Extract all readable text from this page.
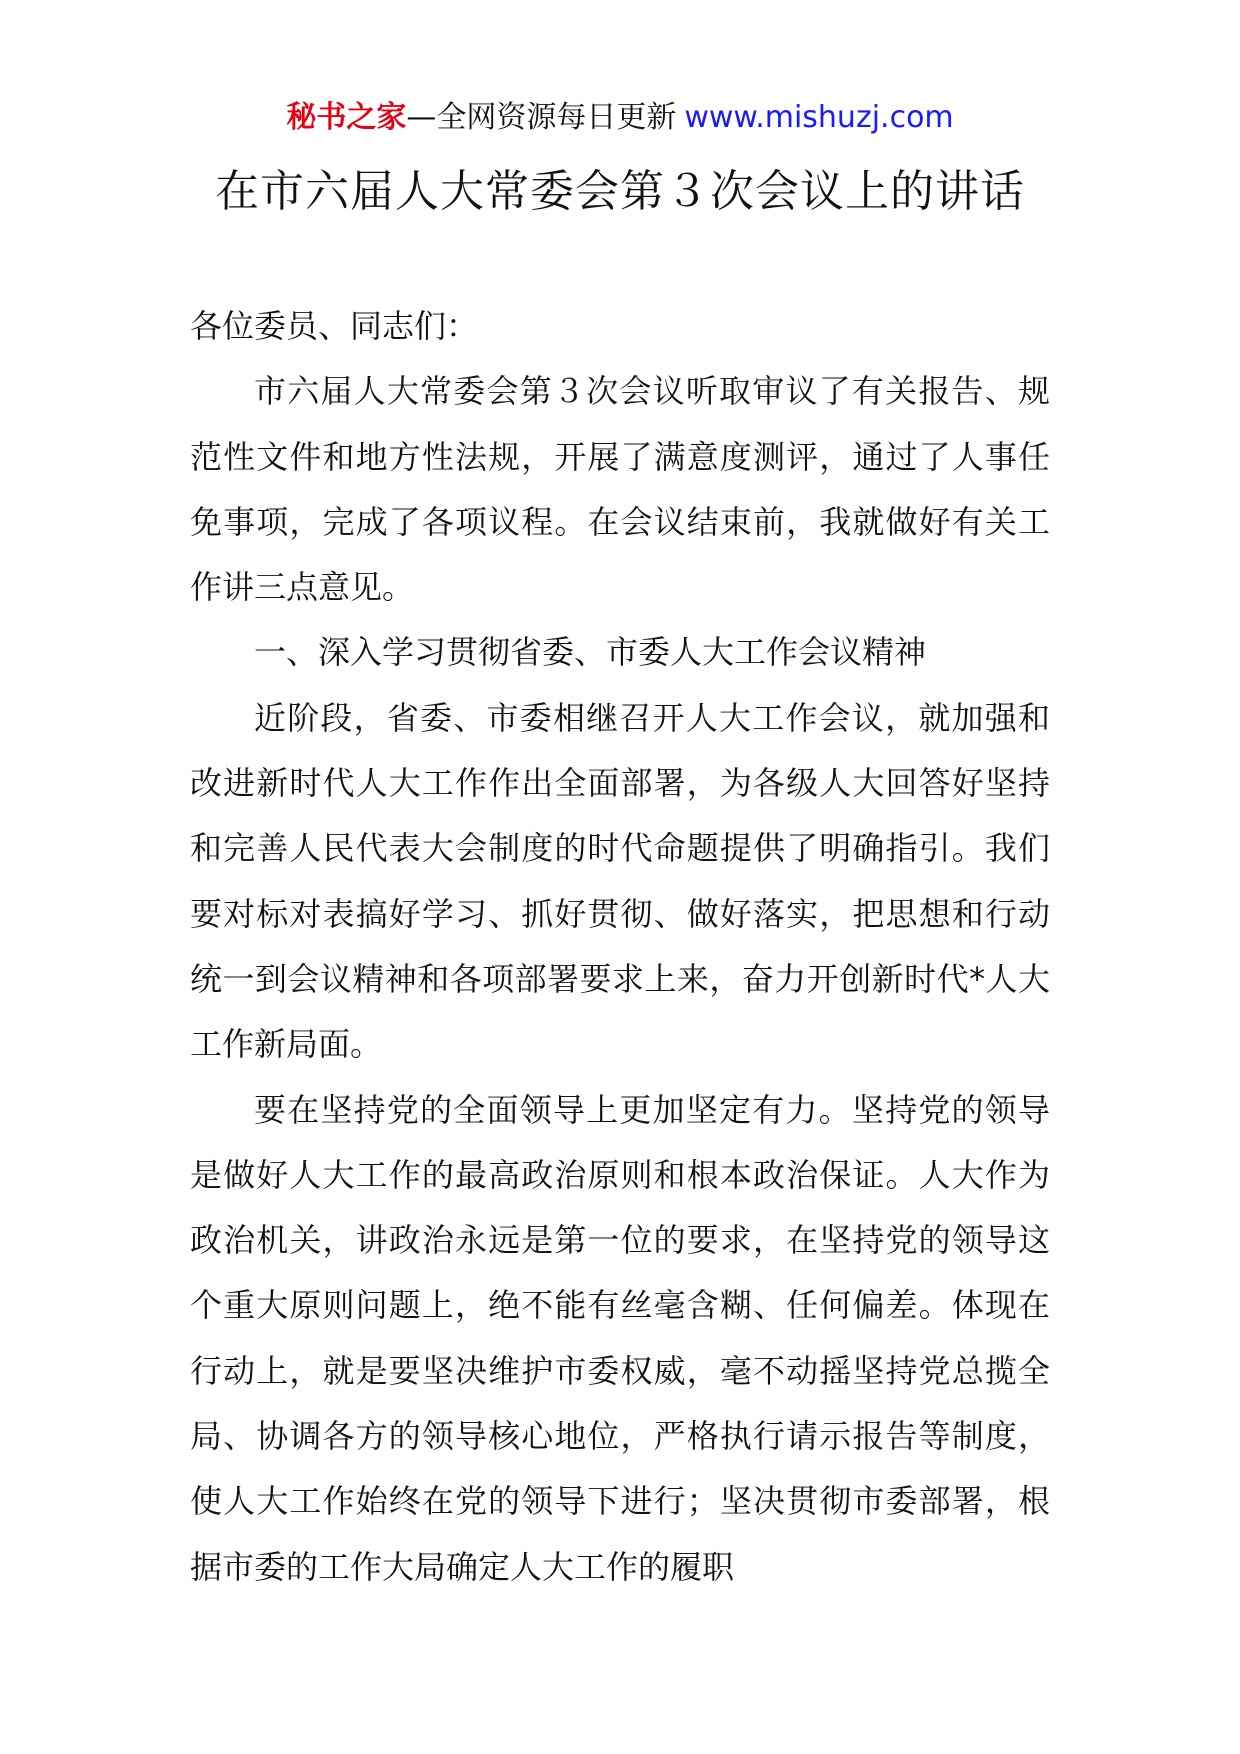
秘书之家—全网资源每日更新 www.mishuzj.com
在市六届人大常委会第３次会议上的讲话

各位委员、同志们：

市六届人大常委会第３次会议听取审议了有关报告、规范性文件和地方性法规，开展了满意度测评，通过了人事任免事项，完成了各项议程。在会议结束前，我就做好有关工作讲三点意见。

一、深入学习贯彻省委、市委人大工作会议精神

近阶段，省委、市委相继召开人大工作会议，就加强和改进新时代人大工作作出全面部署，为各级人大回答好坚持和完善人民代表大会制度的时代命题提供了明确指引。我们要对标对表搞好学习、抓好贯彻、做好落实，把思想和行动统一到会议精神和各项部署要求上来，奋力开创新时代*人大工作新局面。

要在坚持党的全面领导上更加坚定有力。坚持党的领导是做好人大工作的最高政治原则和根本政治保证。人大作为政治机关，讲政治永远是第一位的要求，在坚持党的领导这个重大原则问题上，绝不能有丝毫含糊、任何偏差。体现在行动上，就是要坚决维护市委权威，毫不动摇坚持党总揽全局、协调各方的领导核心地位，严格执行请示报告等制度，使人大工作始终在党的领导下进行；坚决贯彻市委部署，根据市委的工作大局确定人大工作的履职
